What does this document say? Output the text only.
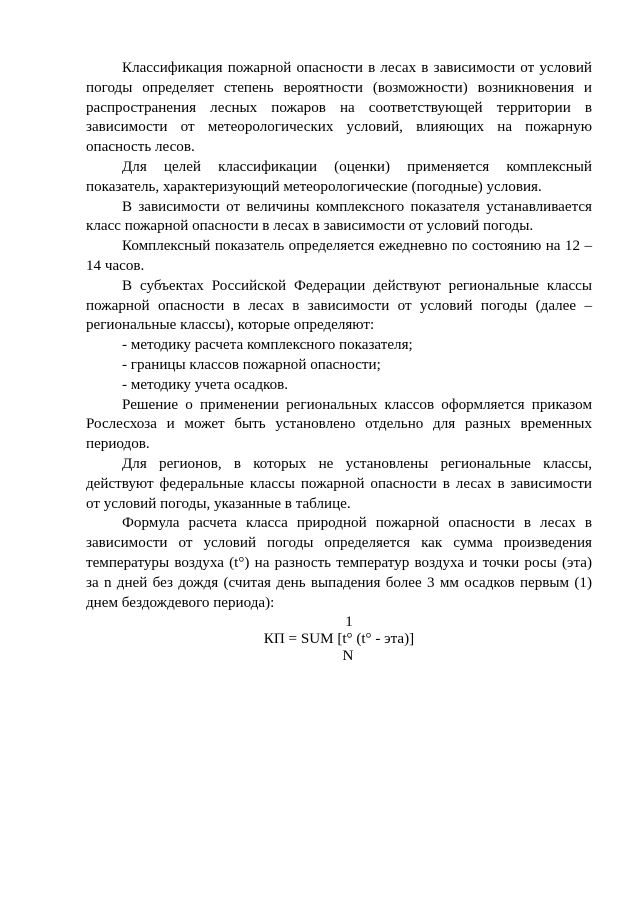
Классификация пожарной опасности в лесах в зависимости от условий погоды определяет степень вероятности (возможности) возникновения и распространения лесных пожаров на соответствующей территории в зависимости от метеорологических условий, влияющих на пожарную опасность лесов.

Для целей классификации (оценки) применяется комплексный показатель, характеризующий метеорологичеcкие (погодные) условия.

В зависимости от величины комплексного показателя устанавливается класс пожарной опасности в лесах в зависимости от условий погоды.

Комплексный показатель определяется ежедневно по состоянию на 12 – 14 часов.

В субъектах Российской Федерации действуют региональные классы пожарной опасности в лесах в зависимости от условий погоды (далее – региональные классы), которые определяют:

- методику расчета комплексного показателя;

- границы классов пожарной опасности;

- методику учета осадков.

Решение о применении региональных классов оформляется приказом Рослесхоза и может быть установлено отдельно для разных временных периодов.

Для регионов, в которых не установлены региональные классы, действуют федеральные классы пожарной опасности в лесах в зависимости от условий погоды, указанные в таблице.

Формула расчета класса природной пожарной опасности в лесах в зависимости от условий погоды определяется как сумма произведения температуры воздуха (t°) на разность температур воздуха и точки росы (эта) за n дней без дождя (считая день выпадения более 3 мм осадков первым (1) днем бездождевого периода):

1
КП = SUM [t° (t° - эта)]
N
